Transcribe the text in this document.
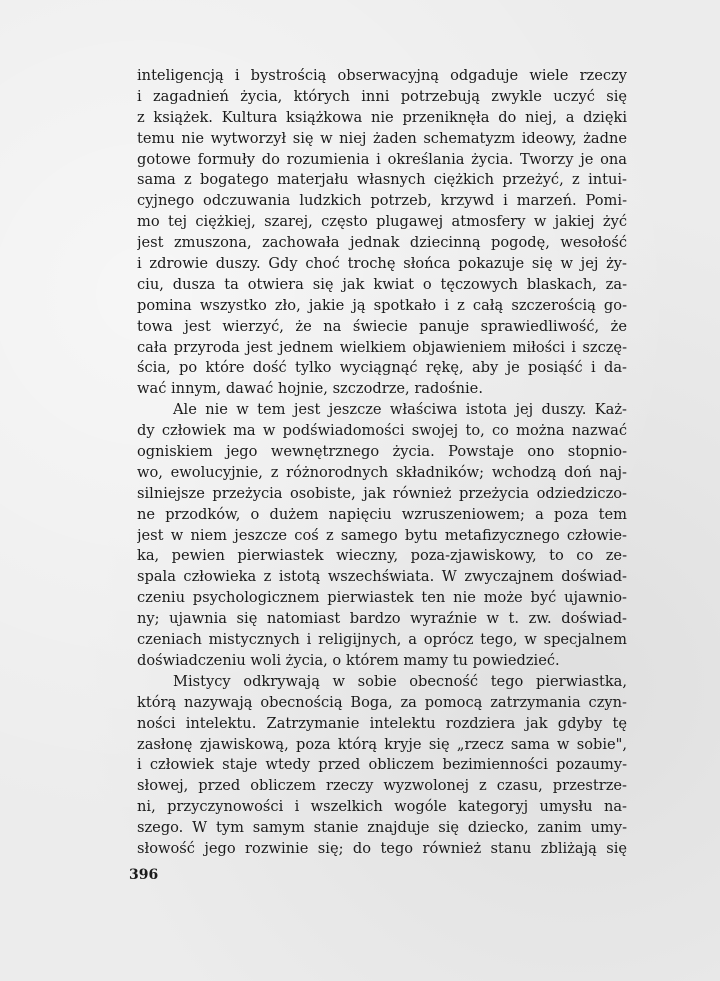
inteligencją i bystrością obserwacyjną odgaduje wiele rzeczy
i zagadnień życia, których inni potrzebują zwykle uczyć się
z książek. Kultura książkowa nie przeniknęła do niej, a dzięki
temu nie wytworzył się w niej żaden schematyzm ideowy, żadne
gotowe formuły do rozumienia i określania życia. Tworzy je ona
sama z bogatego materjału własnych ciężkich przeżyć, z intui-
cyjnego odczuwania ludzkich potrzeb, krzywd i marzeń. Pomi-
mo tej ciężkiej, szarej, często plugawej atmosfery w jakiej żyć
jest zmuszona, zachowała jednak dziecinną pogodę, wesołość
i zdrowie duszy. Gdy choć trochę słońca pokazuje się w jej ży-
ciu, dusza ta otwiera się jak kwiat o tęczowych blaskach, za-
pomina wszystko zło, jakie ją spotkało i z całą szczerością go-
towa jest wierzyć, że na świecie panuje sprawiedliwość, że
cała przyroda jest jednem wielkiem objawieniem miłości i szczę-
ścia, po które dość tylko wyciągnąć rękę, aby je posiąść i da-
wać innym, dawać hojnie, szczodrze, radośnie.
Ale nie w tem jest jeszcze właściwa istota jej duszy. Każ-
dy człowiek ma w podświadomości swojej to, co można nazwać
ogniskiem jego wewnętrznego życia. Powstaje ono stopnio-
wo, ewolucyjnie, z różnorodnych składników; wchodzą doń naj-
silniejsze przeżycia osobiste, jak również przeżycia odziedziczo-
ne przodków, o dużem napięciu wzruszeniowem; a poza tem
jest w niem jeszcze coś z samego bytu metafizycznego człowie-
ka, pewien pierwiastek wieczny, poza-zjawiskowy, to co ze-
spala człowieka z istotą wszechświata. W zwyczajnem doświad-
czeniu psychologicznem pierwiastek ten nie może być ujawnio-
ny; ujawnia się natomiast bardzo wyraźnie w t. zw. doświad-
czeniach mistycznych i religijnych, a oprócz tego, w specjalnem
doświadczeniu woli życia, o którem mamy tu powiedzieć.
Mistycy odkrywają w sobie obecność tego pierwiastka,
którą nazywają obecnością Boga, za pomocą zatrzymania czyn-
ności intelektu. Zatrzymanie intelektu rozdziera jak gdyby tę
zasłonę zjawiskową, poza którą kryje się „rzecz sama w sobie",
i człowiek staje wtedy przed obliczem bezimienności pozaumy-
słowej, przed obliczem rzeczy wyzwolonej z czasu, przestrze-
ni, przyczynowości i wszelkich wogóle kategoryj umysłu na-
szego. W tym samym stanie znajduje się dziecko, zanim umy-
słowość jego rozwinie się; do tego również stanu zbliżają się
396
